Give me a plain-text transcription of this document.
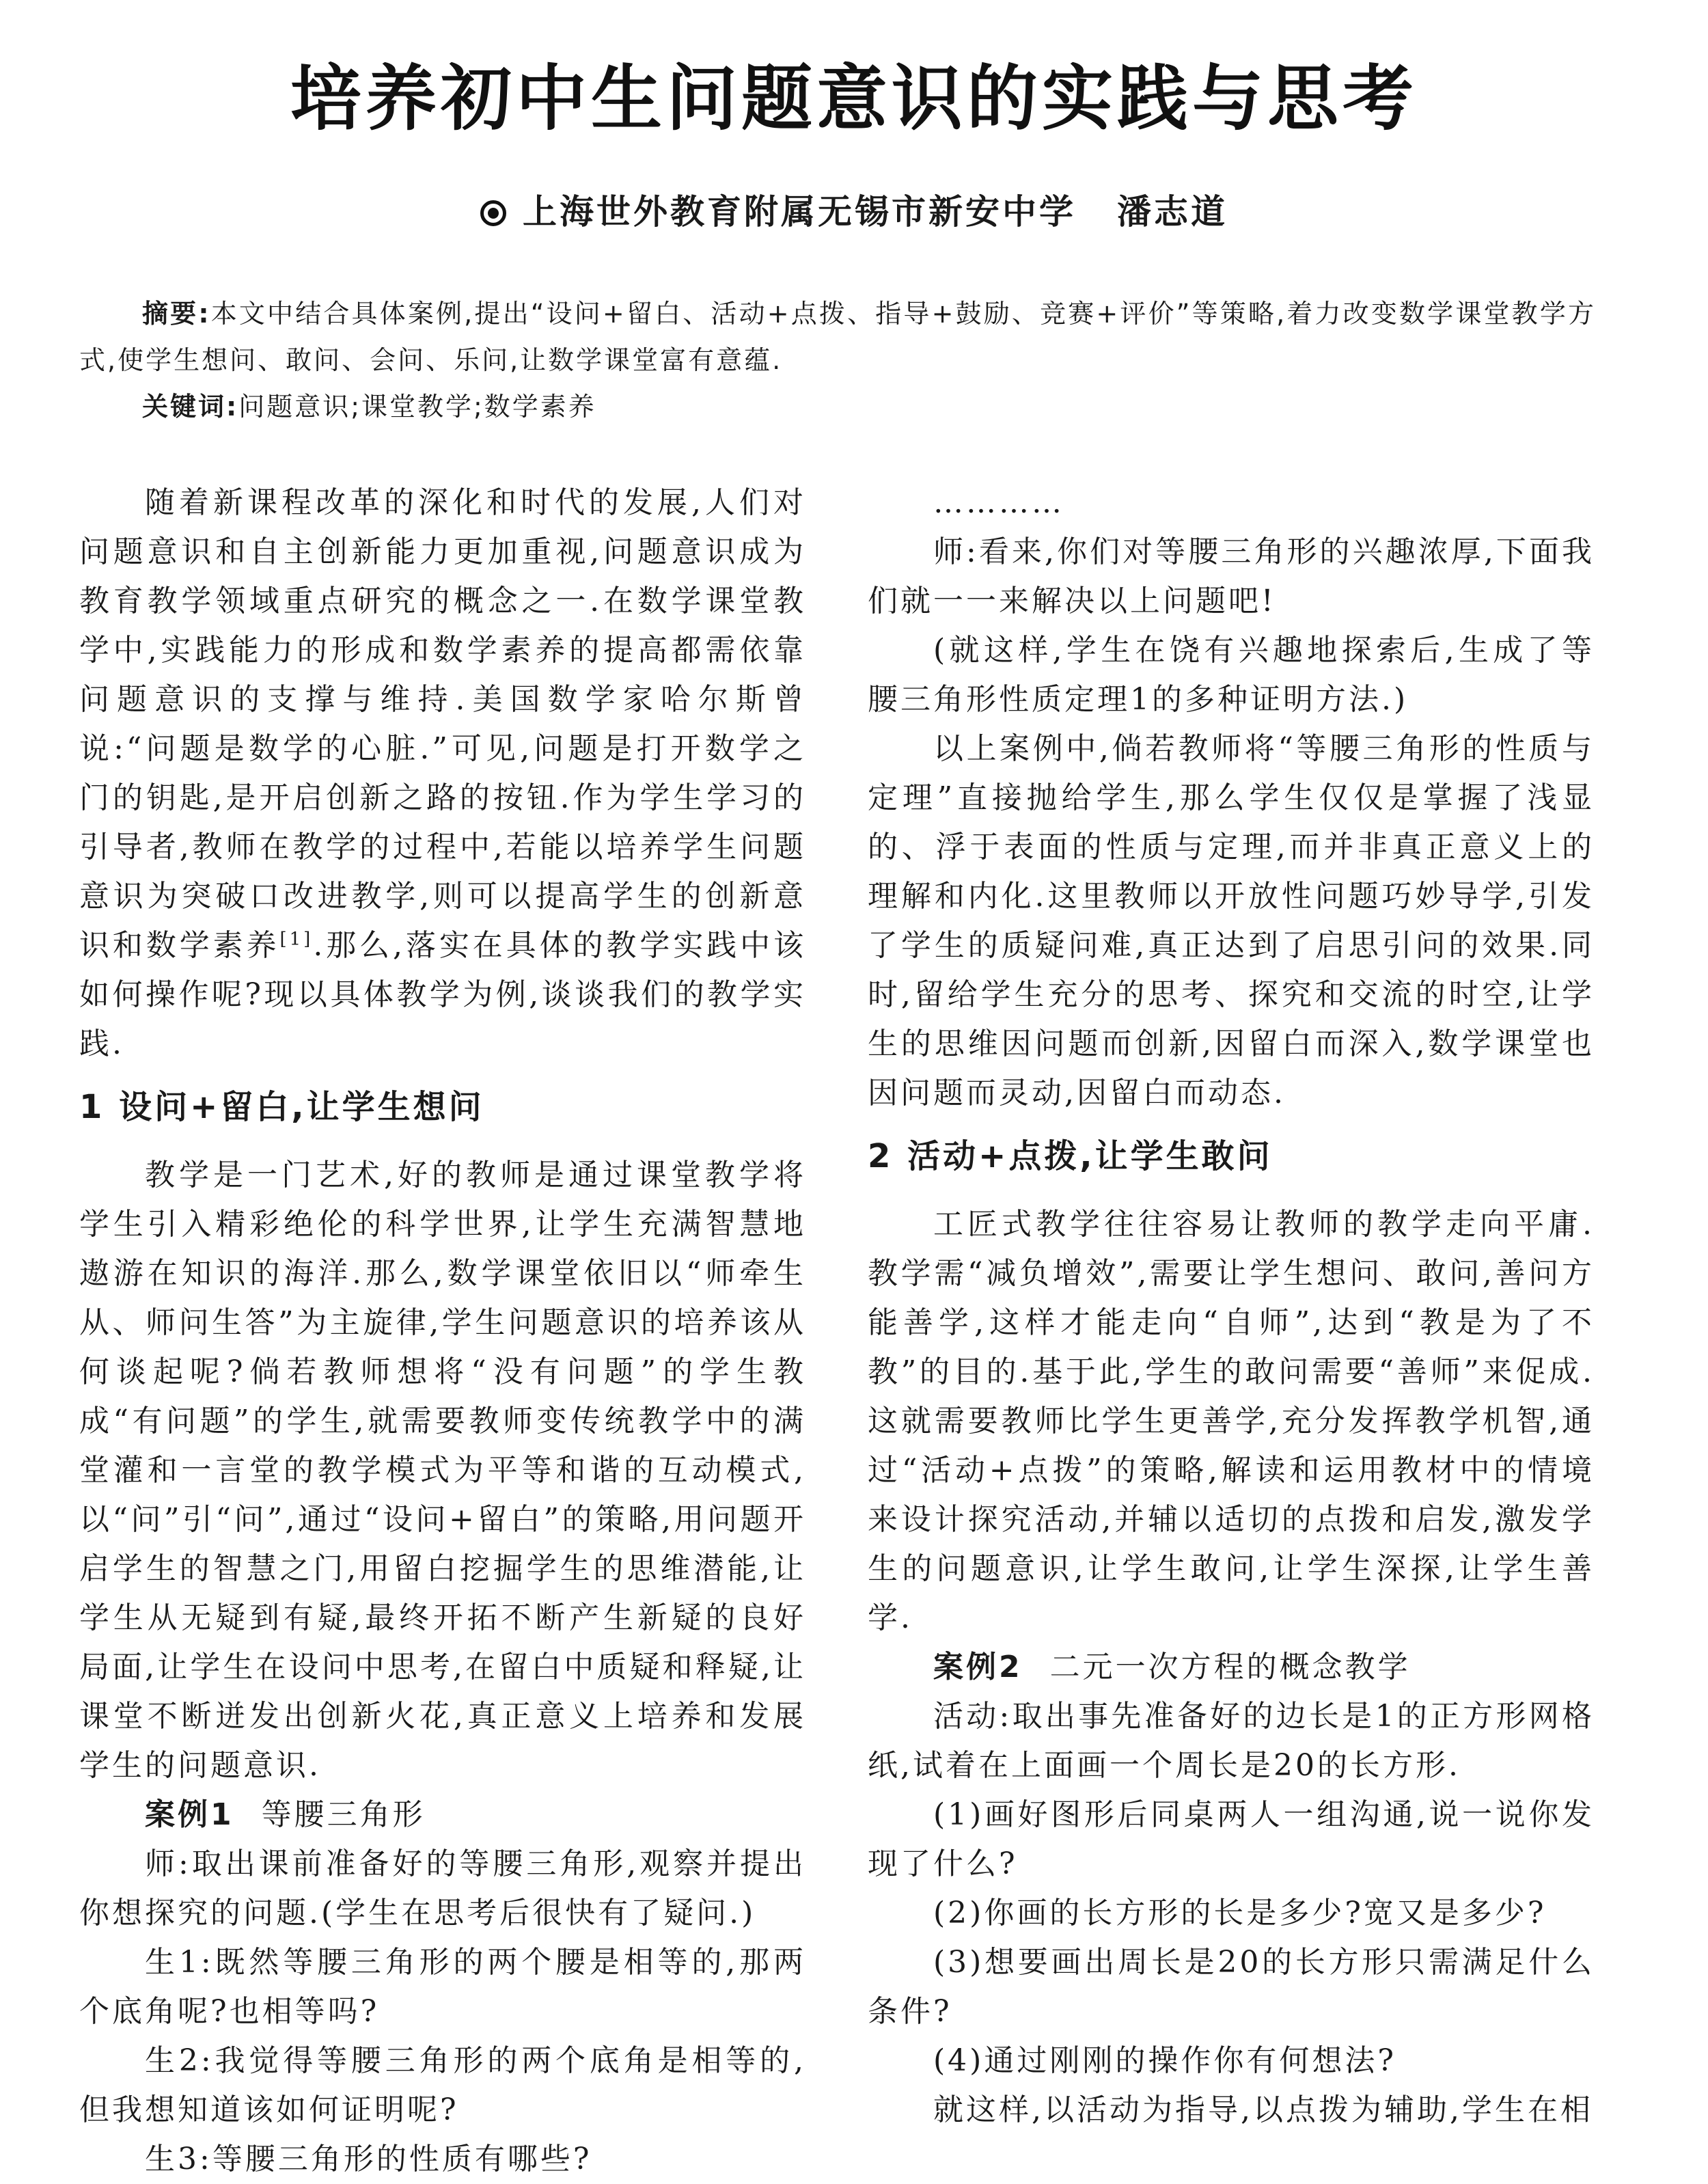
培养初中生问题意识的实践与思考
上海世外教育附属无锡市新安中学 潘志道

摘要:本文中结合具体案例,提出“设问+留白、活动+点拨、指导+鼓励、竞赛+评价”等策略,着力改变数学课堂教学方式,使学生想问、敢问、会问、乐问,让数学课堂富有意蕴.

关键词:问题意识;课堂教学;数学素养

随着新课程改革的深化和时代的发展,人们对问题意识和自主创新能力更加重视,问题意识成为教育教学领域重点研究的概念之一.在数学课堂教学中,实践能力的形成和数学素养的提高都需依靠问题意识的支撑与维持.美国数学家哈尔斯曾说:“问题是数学的心脏.”可见,问题是打开数学之门的钥匙,是开启创新之路的按钮.作为学生学习的引导者,教师在教学的过程中,若能以培养学生问题意识为突破口改进教学,则可以提高学生的创新意识和数学素养[1].那么,落实在具体的教学实践中该如何操作呢?现以具体教学为例,谈谈我们的教学实践.

1 设问+留白,让学生想问

教学是一门艺术,好的教师是通过课堂教学将学生引入精彩绝伦的科学世界,让学生充满智慧地遨游在知识的海洋.那么,数学课堂依旧以“师牵生从、师问生答”为主旋律,学生问题意识的培养该从何谈起呢?倘若教师想将“没有问题”的学生教成“有问题”的学生,就需要教师变传统教学中的满堂灌和一言堂的教学模式为平等和谐的互动模式,以“问”引“问”,通过“设问+留白”的策略,用问题开启学生的智慧之门,用留白挖掘学生的思维潜能,让学生从无疑到有疑,最终开拓不断产生新疑的良好局面,让学生在设问中思考,在留白中质疑和释疑,让课堂不断迸发出创新火花,真正意义上培养和发展学生的问题意识.

案例1 等腰三角形

师:取出课前准备好的等腰三角形,观察并提出你想探究的问题.(学生在思考后很快有了疑问.)

生1:既然等腰三角形的两个腰是相等的,那两个底角呢?也相等吗?

生2:我觉得等腰三角形的两个底角是相等的,但我想知道该如何证明呢?

生3:等腰三角形的性质有哪些?

…………

师:看来,你们对等腰三角形的兴趣浓厚,下面我们就一一来解决以上问题吧!

(就这样,学生在饶有兴趣地探索后,生成了等腰三角形性质定理1的多种证明方法.)

以上案例中,倘若教师将“等腰三角形的性质与定理”直接抛给学生,那么学生仅仅是掌握了浅显的、浮于表面的性质与定理,而并非真正意义上的理解和内化.这里教师以开放性问题巧妙导学,引发了学生的质疑问难,真正达到了启思引问的效果.同时,留给学生充分的思考、探究和交流的时空,让学生的思维因问题而创新,因留白而深入,数学课堂也因问题而灵动,因留白而动态.

2 活动+点拨,让学生敢问

工匠式教学往往容易让教师的教学走向平庸.教学需“减负增效”,需要让学生想问、敢问,善问方能善学,这样才能走向“自师”,达到“教是为了不教”的目的.基于此,学生的敢问需要“善师”来促成.这就需要教师比学生更善学,充分发挥教学机智,通过“活动+点拨”的策略,解读和运用教材中的情境来设计探究活动,并辅以适切的点拨和启发,激发学生的问题意识,让学生敢问,让学生深探,让学生善学.

案例2 二元一次方程的概念教学

活动:取出事先准备好的边长是1的正方形网格纸,试着在上面画一个周长是20的长方形.

(1)画好图形后同桌两人一组沟通,说一说你发现了什么?

(2)你画的长方形的长是多少?宽又是多少?

(3)想要画出周长是20的长方形只需满足什么条件?

(4)通过刚刚的操作你有何想法?

就这样,以活动为指导,以点拨为辅助,学生在相
